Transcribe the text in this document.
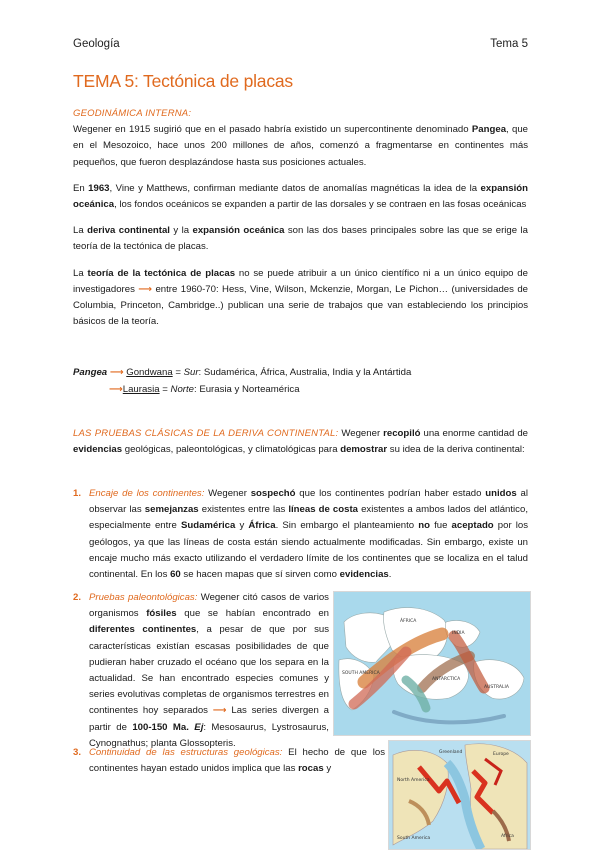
Geología	Tema 5
TEMA 5: Tectónica de placas
GEODINÁMICA INTERNA:

Wegener en 1915 sugirió que en el pasado habría existido un supercontinente denominado Pangea, que en el Mesozoico, hace unos 200 millones de años, comenzó a fragmentarse en continentes más pequeños, que fueron desplazándose hasta sus posiciones actuales.

En 1963, Vine y Matthews, confirman mediante datos de anomalías magnéticas la idea de la expansión oceánica, los fondos oceánicos se expanden a partir de las dorsales y se contraen en las fosas oceánicas

La deriva continental y la expansión oceánica son las dos bases principales sobre las que se erige la teoría de la tectónica de placas.

La teoría de la tectónica de placas no se puede atribuir a un único científico ni a un único equipo de investigadores ⟶ entre 1960-70: Hess, Vine, Wilson, Mckenzie, Morgan, Le Pichon… (universidades de Columbia, Princeton, Cambridge..) publican una serie de trabajos que van estableciendo los principios básicos de la teoría.

Pangea ⟶ Gondwana = Sur: Sudamérica, África, Australia, India y la Antártida
⟶Laurasia = Norte: Eurasia y Norteamérica

LAS PRUEBAS CLÁSICAS DE LA DERIVA CONTINENTAL: Wegener recopiló una enorme cantidad de evidencias geológicas, paleontológicas, y climatológicas para demostrar su idea de la deriva continental:

1. Encaje de los continentes: Wegener sospechó que los continentes podrían haber estado unidos al observar las semejanzas existentes entre las líneas de costa existentes a ambos lados del atlántico, especialmente entre Sudamérica y África. Sin embargo el planteamiento no fue aceptado por los geólogos, ya que las líneas de costa están siendo actualmente modificadas. Sin embargo, existe un encaje mucho más exacto utilizando el verdadero límite de los continentes que se localiza en el talud continental. En los 60 se hacen mapas que sí sirven como evidencias.
2. Pruebas paleontológicas: Wegener citó casos de varios organismos fósiles que se habían encontrado en diferentes continentes, a pesar de que por sus características existían escasas posibilidades de que pudieran haber cruzado el océano que los separa en la actualidad. Se han encontrado especies comunes y series evolutivas completas de organismos terrestres en continentes hoy separados ⟶ Las series divergen a partir de 100-150 Ma. Ej: Mesosaurus, Lystrosaurus, Cynognathus; planta Glossopteris.
ÁFRICA
INDIA
SOUTH AMERICA
ANTARCTICA
AUSTRALIA
3. Continuidad de las estructuras geológicas: El hecho de que los continentes hayan estado unidos implica que las rocas y
Greenland
North America
Europe
Africa
South America
